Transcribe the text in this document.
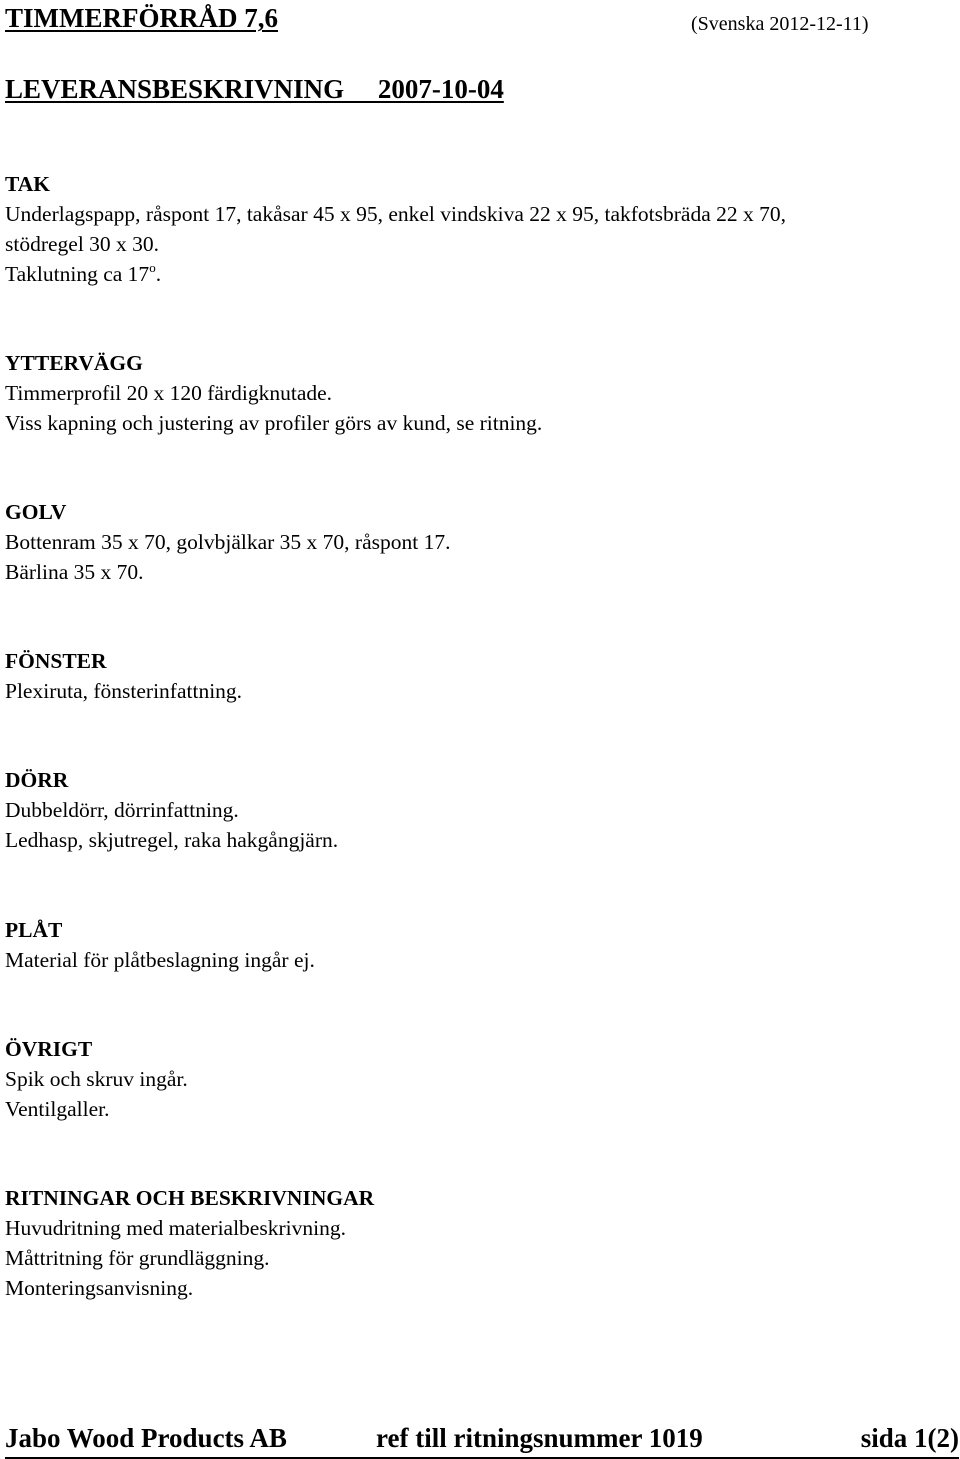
TIMMERFÖRRÅD 7,6	(Svenska 2012-12-11)
LEVERANSBESKRIVNING     2007-10-04
TAK
Underlagspapp, råspont 17, takåsar 45 x 95, enkel vindskiva 22 x 95, takfotsbräda 22 x 70,
stödregel 30 x 30.
Taklutning ca 17$^o$.
YTTERVÄGG
Timmerprofil 20 x 120 färdigknutade.
Viss kapning och justering av profiler görs av kund, se ritning.
GOLV
Bottenram 35 x 70, golvbjälkar 35 x 70, råspont 17.
Bärlina 35 x 70.
FÖNSTER
Plexiruta, fönsterinfattning.
DÖRR
Dubbeldörr, dörrinfattning.
Ledhasp, skjutregel, raka hakgångjärn.
PLÅT
Material för plåtbeslagning ingår ej.
ÖVRIGT
Spik och skruv ingår.
Ventilgaller.
RITNINGAR OCH BESKRIVNINGAR
Huvudritning med materialbeskrivning.
Måttritning för grundläggning.
Monteringsanvisning.
Jabo Wood Products AB	ref till ritningsnummer 1019	sida 1(2)
